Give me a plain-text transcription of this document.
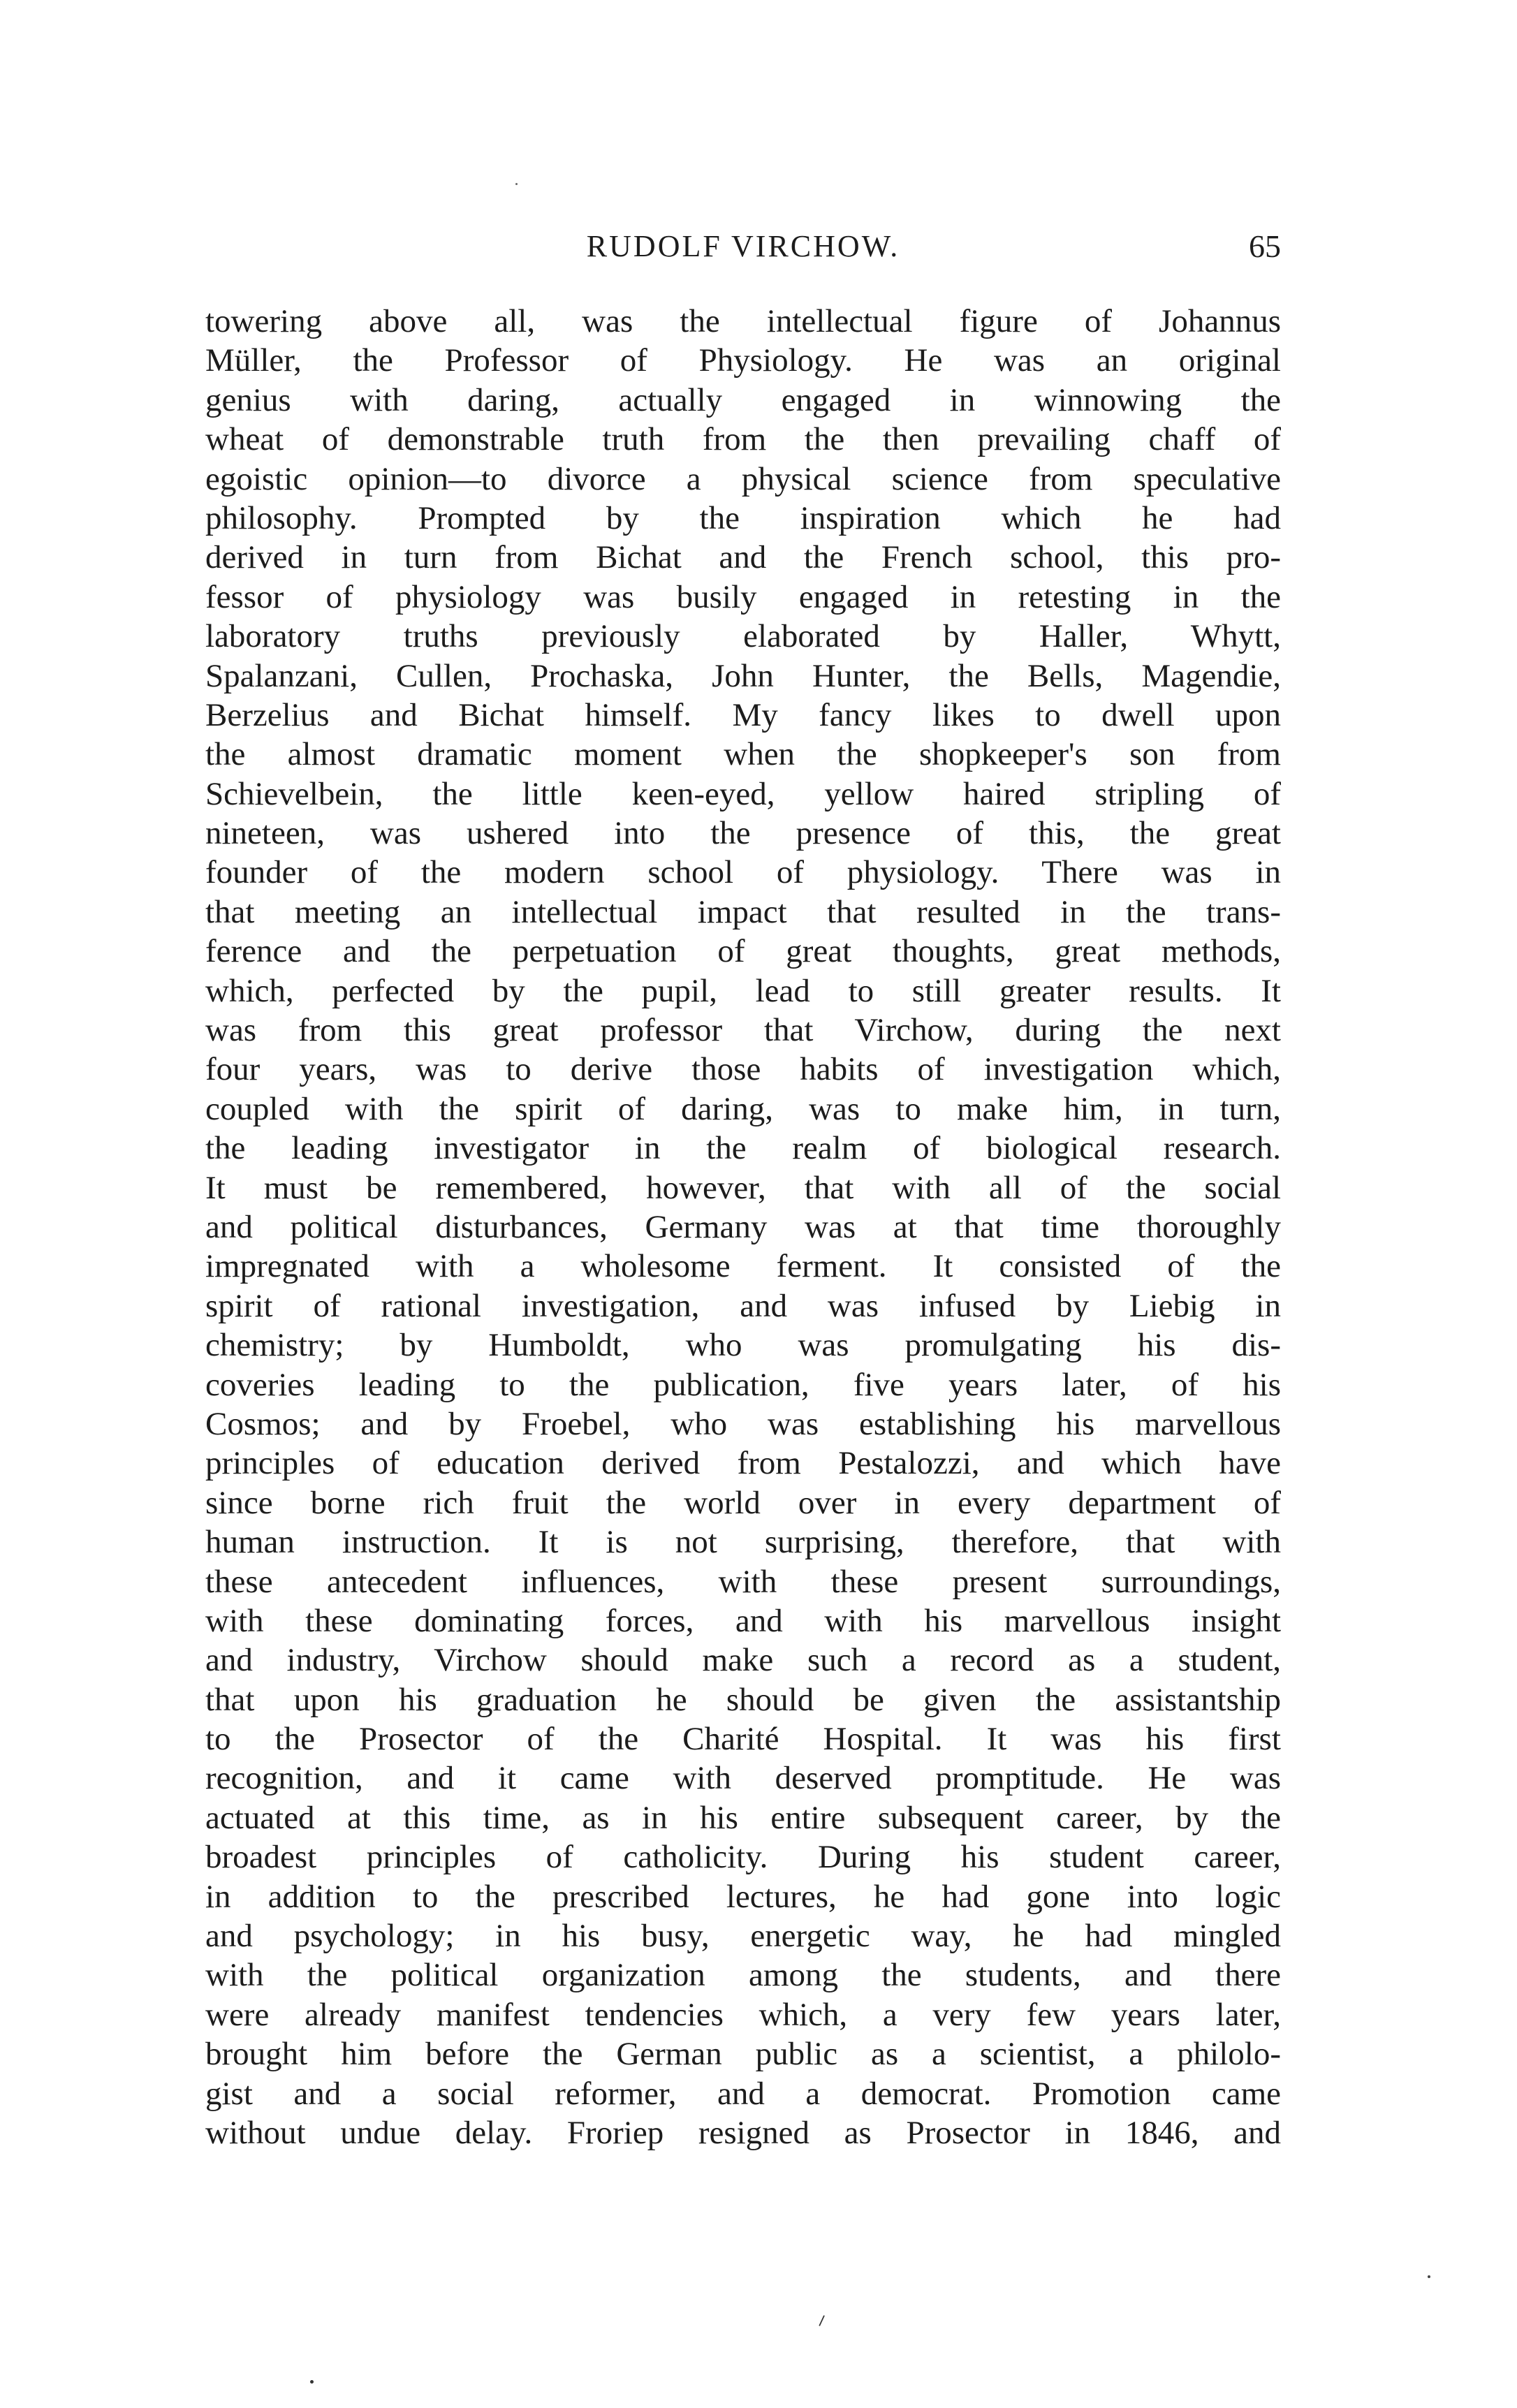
RUDOLF VIRCHOW.	65
towering above all, was the intellectual figure of Johannus
Müller, the Professor of Physiology. He was an original
genius with daring, actually engaged in winnowing the
wheat of demonstrable truth from the then prevailing chaff of
egoistic opinion—to divorce a physical science from speculative
philosophy. Prompted by the inspiration which he had
derived in turn from Bichat and the French school, this pro-
fessor of physiology was busily engaged in retesting in the
laboratory truths previously elaborated by Haller, Whytt,
Spalanzani, Cullen, Prochaska, John Hunter, the Bells, Magendie,
Berzelius and Bichat himself. My fancy likes to dwell upon
the almost dramatic moment when the shopkeeper's son from
Schievelbein, the little keen-eyed, yellow haired stripling of
nineteen, was ushered into the presence of this, the great
founder of the modern school of physiology. There was in
that meeting an intellectual impact that resulted in the trans-
ference and the perpetuation of great thoughts, great methods,
which, perfected by the pupil, lead to still greater results. It
was from this great professor that Virchow, during the next
four years, was to derive those habits of investigation which,
coupled with the spirit of daring, was to make him, in turn,
the leading investigator in the realm of biological research.
It must be remembered, however, that with all of the social
and political disturbances, Germany was at that time thoroughly
impregnated with a wholesome ferment. It consisted of the
spirit of rational investigation, and was infused by Liebig in
chemistry; by Humboldt, who was promulgating his dis-
coveries leading to the publication, five years later, of his
Cosmos; and by Froebel, who was establishing his marvellous
principles of education derived from Pestalozzi, and which have
since borne rich fruit the world over in every department of
human instruction. It is not surprising, therefore, that with
these antecedent influences, with these present surroundings,
with these dominating forces, and with his marvellous insight
and industry, Virchow should make such a record as a student,
that upon his graduation he should be given the assistantship
to the Prosector of the Charité Hospital. It was his first
recognition, and it came with deserved promptitude. He was
actuated at this time, as in his entire subsequent career, by the
broadest principles of catholicity. During his student career,
in addition to the prescribed lectures, he had gone into logic
and psychology; in his busy, energetic way, he had mingled
with the political organization among the students, and there
were already manifest tendencies which, a very few years later,
brought him before the German public as a scientist, a philolo-
gist and a social reformer, and a democrat. Promotion came
without undue delay. Froriep resigned as Prosector in 1846, and
⸝
